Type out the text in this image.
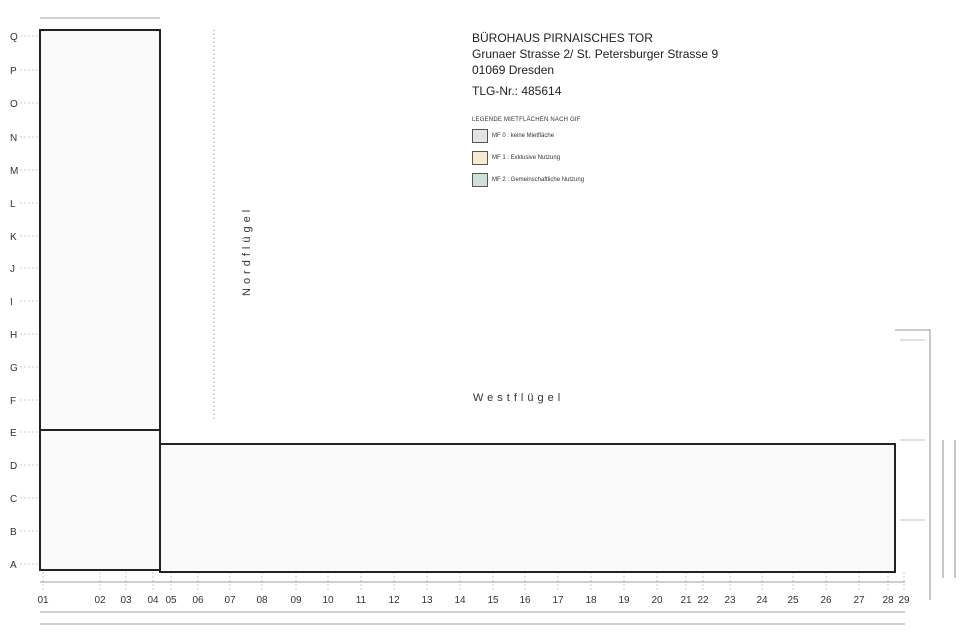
Q
P
O
N
M
L
K
J
I
H
G
F
E
D
C
B
A
01	02 03 04 05 06 07 08 09 10 11 12 13 14 15 16 17 18 19 20 21 22 23 24 25 26 27 28 29
BÜROHAUS PIRNAISCHES TOR
Grunaer Strasse 2/ St. Petersburger Strasse 9
01069 Dresden
TLG-Nr.: 485614
LEGENDE MIETFLÄCHEN NACH GIF
MF 0 : keine Mietfläche
MF 1 : Exklusive Nutzung
MF 2 : Gemeinschaftliche Nutzung
Nordflügel
Westflügel
